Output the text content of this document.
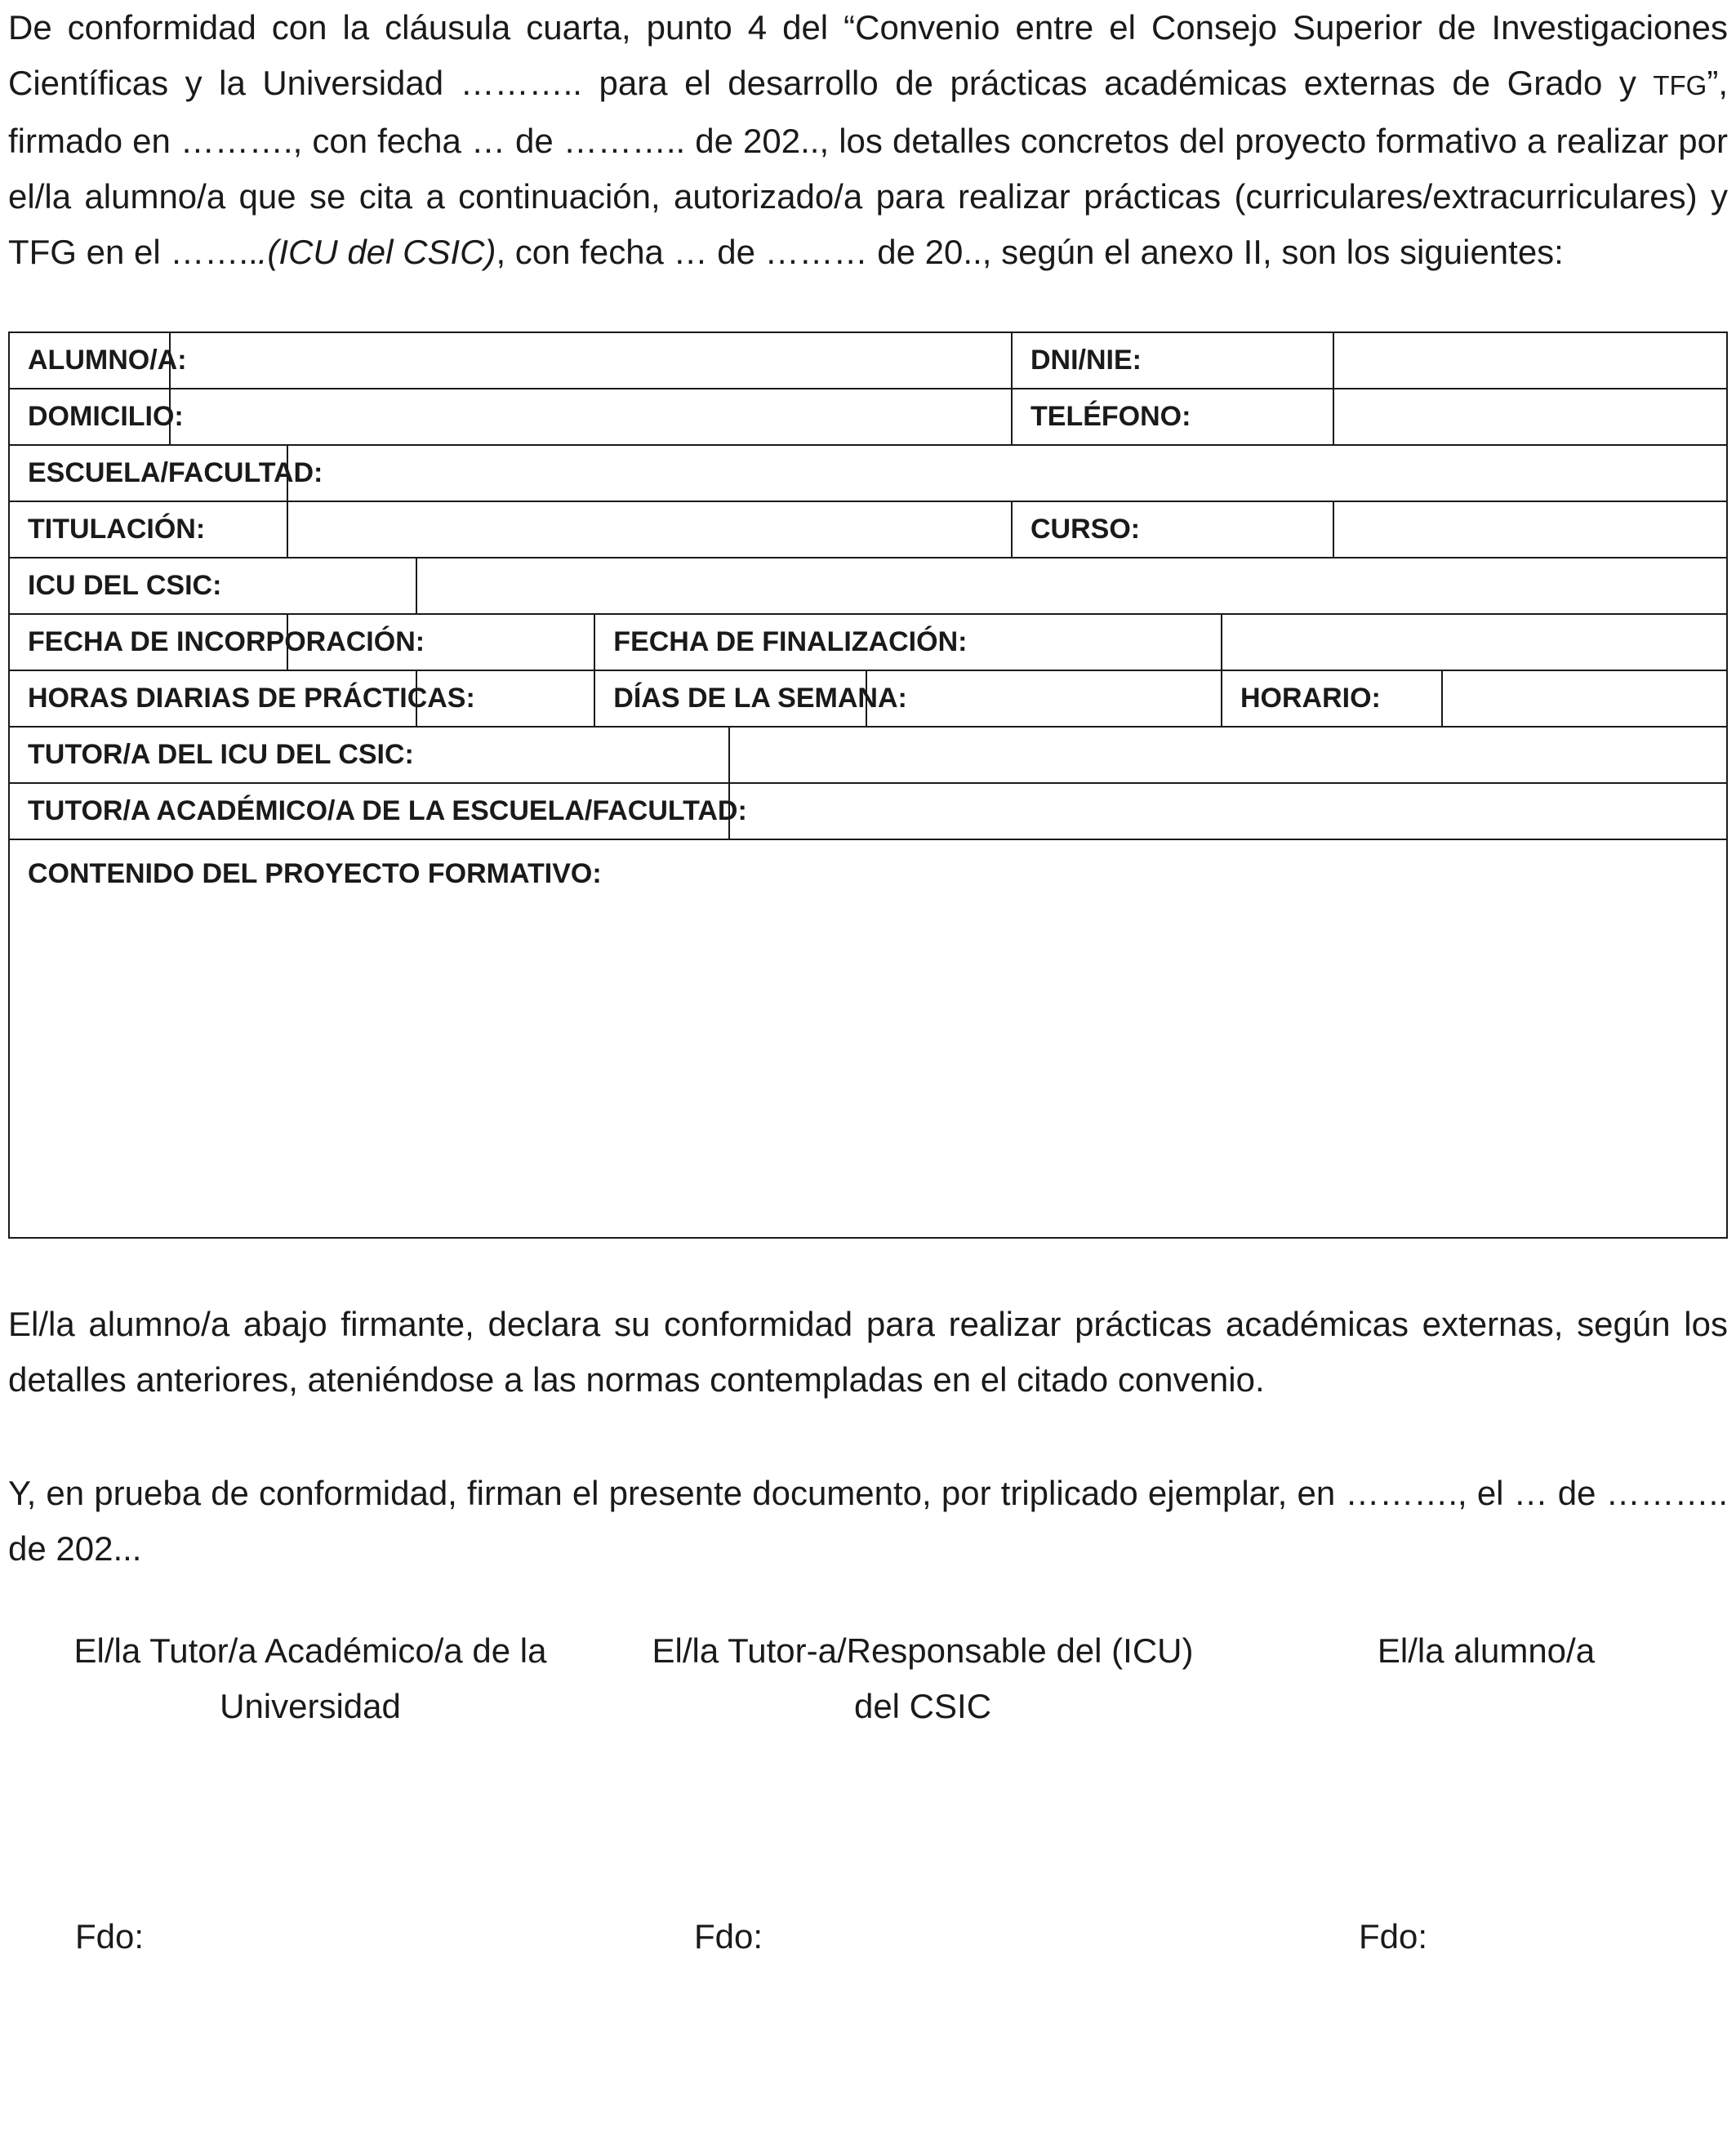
De conformidad con la cláusula cuarta, punto 4 del “Convenio entre el Consejo Superior de Investigaciones Científicas y la Universidad ……….. para el desarrollo de prácticas académicas externas de Grado y TFG”, firmado en ………., con fecha … de ……….. de 202.., los detalles concretos del proyecto formativo a realizar por el/la alumno/a que se cita a continuación, autorizado/a para realizar prácticas (curriculares/extracurriculares) y TFG en el ……...(ICU del CSIC), con fecha … de ……… de 20.., según el anexo II, son los siguientes:

ALUMNO/A:							DNI/NIE:			
DOMICILIO:							TELÉFONO:			
ESCUELA/FACULTAD:										
TITULACIÓN:							CURSO:			
ICU DEL CSIC:										
FECHA DE INCORPORACIÓN:				FECHA DE FINALIZACIÓN:						
HORAS DIARIAS DE PRÁCTICAS:				DÍAS DE LA SEMANA:				HORARIO:		
TUTOR/A DEL ICU DEL CSIC:										
TUTOR/A ACADÉMICO/A DE LA ESCUELA/FACULTAD:										
CONTENIDO DEL PROYECTO FORMATIVO:										

El/la alumno/a abajo firmante, declara su conformidad para realizar prácticas académicas externas, según los detalles anteriores, ateniéndose a las normas contempladas en el citado convenio.

Y, en prueba de conformidad, firman el presente documento, por triplicado ejemplar, en ………., el … de ……….. de 202...

El/la Tutor/a Académico/a de la
Universidad
El/la Tutor-a/Responsable del (ICU)
del CSIC
El/la alumno/a
Fdo:	Fdo:	Fdo:
